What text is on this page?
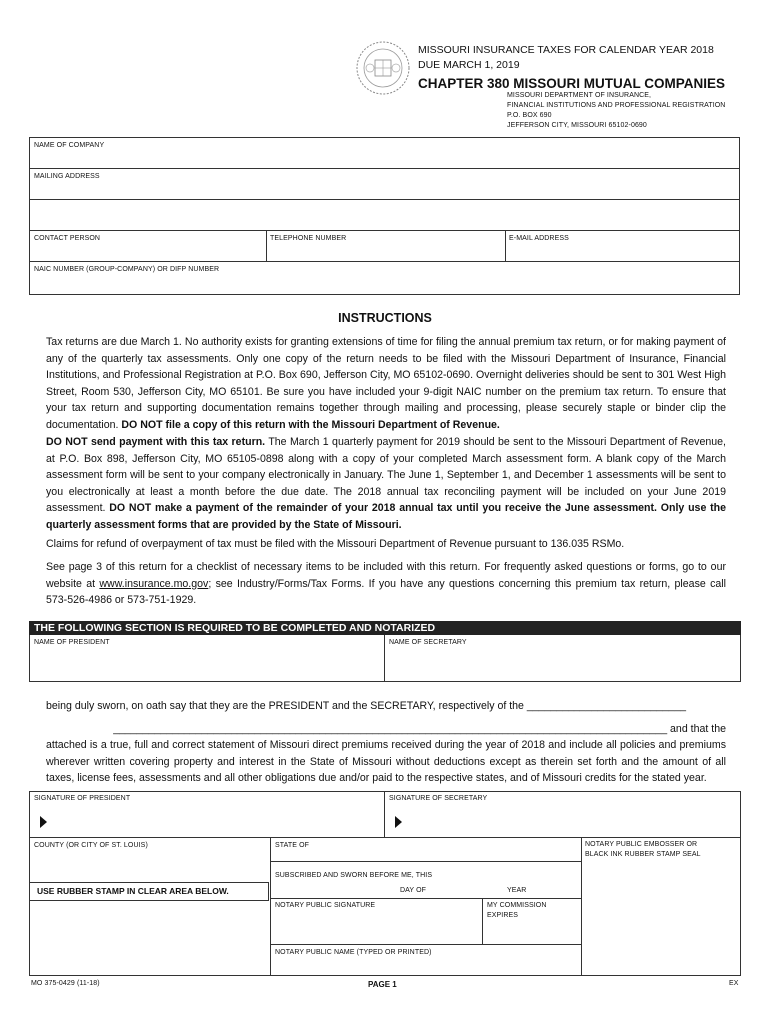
MISSOURI INSURANCE TAXES FOR CALENDAR YEAR 2018
DUE MARCH 1, 2019
CHAPTER 380 MISSOURI MUTUAL COMPANIES
MISSOURI DEPARTMENT OF INSURANCE,
FINANCIAL INSTITUTIONS AND PROFESSIONAL REGISTRATION
P.O. BOX 690
JEFFERSON CITY, MISSOURI 65102-0690
NAME OF COMPANY
MAILING ADDRESS
CONTACT PERSON	TELEPHONE NUMBER	E-MAIL ADDRESS
NAIC NUMBER (GROUP-COMPANY) OR DIFP NUMBER
INSTRUCTIONS
Tax returns are due March 1. No authority exists for granting extensions of time for filing the annual premium tax return, or for making payment of any of the quarterly tax assessments. Only one copy of the return needs to be filed with the Missouri Department of Insurance, Financial Institutions, and Professional Registration at P.O. Box 690, Jefferson City, MO 65102-0690. Overnight deliveries should be sent to 301 West High Street, Room 530, Jefferson City, MO 65101. Be sure you have included your 9-digit NAIC number on the premium tax return. To ensure that your tax return and supporting documentation remains together through mailing and processing, please securely staple or binder clip the documentation. DO NOT file a copy of this return with the Missouri Department of Revenue.
DO NOT send payment with this tax return. The March 1 quarterly payment for 2019 should be sent to the Missouri Department of Revenue, at P.O. Box 898, Jefferson City, MO 65105-0898 along with a copy of your completed March assessment form. A blank copy of the March assessment form will be sent to your company electronically in January. The June 1, September 1, and December 1 assessments will be sent to you electronically at least a month before the due date. The 2018 annual tax reconciling payment will be included on your June 2019 assessment. DO NOT make a payment of the remainder of your 2018 annual tax until you receive the June assessment. Only use the quarterly assessment forms that are provided by the State of Missouri.
Claims for refund of overpayment of tax must be filed with the Missouri Department of Revenue pursuant to 136.035 RSMo.
See page 3 of this return for a checklist of necessary items to be included with this return. For frequently asked questions or forms, go to our website at www.insurance.mo.gov; see Industry/Forms/Tax Forms. If you have any questions concerning this premium tax return, please call 573-526-4986 or 573-751-1929.
THE FOLLOWING SECTION IS REQUIRED TO BE COMPLETED AND NOTARIZED
NAME OF PRESIDENT	NAME OF SECRETARY
being duly sworn, on oath say that they are the PRESIDENT and the SECRETARY, respectively of the ___________________________
______________________________________________________________________________________________ and that the
attached is a true, full and correct statement of Missouri direct premiums received during the year of 2018 and include all policies and premiums wherever written covering property and interest in the State of Missouri without deductions except as therein set forth and the amount of all taxes, license fees, assessments and all other obligations due and/or paid to the respective states, and of Missouri credits for the stated year.
SIGNATURE OF PRESIDENT	SIGNATURE OF SECRETARY
COUNTY (OR CITY OF ST. LOUIS)	STATE OF	NOTARY PUBLIC EMBOSSER OR
BLACK INK RUBBER STAMP SEAL
SUBSCRIBED AND SWORN BEFORE ME, THIS
DAY OF	YEAR
USE RUBBER STAMP IN CLEAR AREA BELOW.
NOTARY PUBLIC SIGNATURE	MY COMMISSION
EXPIRES
NOTARY PUBLIC NAME (TYPED OR PRINTED)
MO 375-0429 (11-18)	PAGE 1	EX
